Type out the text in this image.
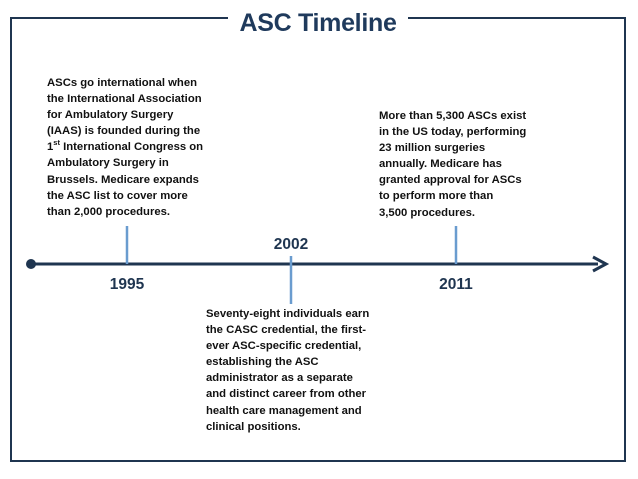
ASC Timeline

ASCs go international when

the International Association

for Ambulatory Surgery

(IAAS) is founded during the

1st International Congress on

Ambulatory Surgery in

Brussels. Medicare expands

the ASC list to cover more

than 2,000 procedures.

1995
2002

Seventy-eight individuals earn

the CASC credential, the first-

ever ASC-specific credential,

establishing the ASC

administrator as a separate

and distinct career from other

health care management and

clinical positions.

More than 5,300 ASCs exist

in the US today, performing

23 million surgeries

annually. Medicare has

granted approval for ASCs

to perform more than

3,500 procedures.

2011
